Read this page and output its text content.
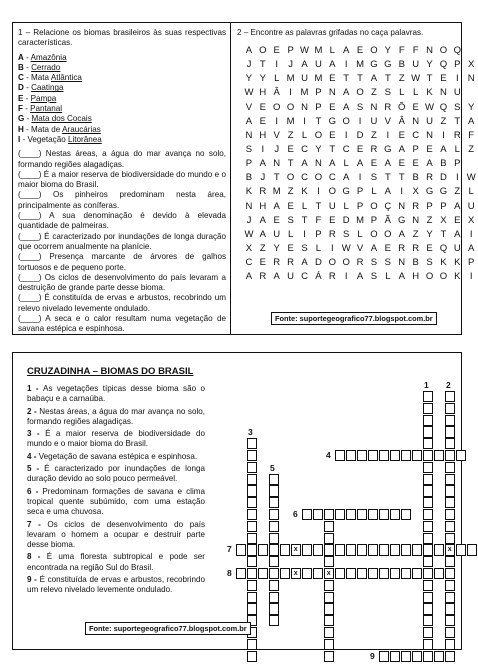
1 – Relacione os biomas brasileiros às suas respectivas características.

A - Amazônia

B - Cerrado

C - Mata Atlântica

D - Caatinga

E - Pampa

F - Pantanal

G - Mata dos Cocais

H - Mata de Araucárias

I - Vegetação Litorânea

(____) Nestas áreas, a água do mar avança no solo, formando regiões alagadiças.

(____) É a maior reserva de biodiversidade do mundo e o maior bioma do Brasil.

(____) Os pinheiros predominam nesta área, principalmente as coníferas.

(____) A sua denominação é devido à elevada quantidade de palmeiras.

(____) É caracterizado por inundações de longa duração que ocorrem anualmente na planície.

(____) Presença marcante de árvores de galhos tortuosos e de pequeno porte.

(____) Os ciclos de desenvolvimento do país levaram a destruição de grande parte desse bioma.

(____) É constituída de ervas e arbustos, recobrindo um relevo nivelado levemente ondulado.

(____) A seca e o calor resultam numa vegetação de savana estépica e espinhosa.

2 – Encontre as palavras grifadas no caça palavras.

A O E P W M L A E O Y F F N O Q
J T	I	J A U A I M G G B U Y Q P X
Y Y L M U M E T T A T Z W T E I N
W H Â I M P N A O Z S L L K N U
V E O O N P E A S N R Õ E W Q S Y
A E I M I	T G O I U V Â N U Z T A
N H V Z L O E I D Z	I E C N I R F
S I	J E C Y T C E R G A P E A L Z
P A N T A N A L A E A E E A B P
B J T O C O C A I S T T B R D I W
K R M Z K I O G P L A I X G G Z L
N H A E L T U L P O Ç N R P P A U
J A E S T F E D M P Ã G N Z X E X
W A U L	I P R S L O O A Z Y T A I
X Z Y E S L	I W V A E R R E Q U A
C E R R A D O O R S S N B S K K P
A R A U C Á R I A S L A H O O K I
Fonte: suportegeografico77.blogspot.com.br
CRUZADINHA – BIOMAS DO BRASIL

1 - As vegetações típicas desse bioma são o babaçu e a carnaúba.

2 - Nestas áreas, a água do mar avança no solo, formando regiões alagadiças.

3 - É a maior reserva de biodiversidade do mundo e o maior bioma do Brasil.

4 - Vegetação de savana estépica e espinhosa.

5 - É caracterizado por inundações de longa duração devido ao solo pouco permeável.

6 - Predominam formações de savana e clima tropical quente subúmido, com uma estação seca e uma chuvosa.

7 - Os ciclos de desenvolvimento do país levaram o homem a ocupar e destruir parte desse bioma.

8 - É uma floresta subtropical e pode ser encontrada na região Sul do Brasil.

9 - É constituída de ervas e arbustos, recobrindo um relevo nivelado levemente ondulado.

x
x
x
x
1 2
3
4
5
6
7
8
9
Fonte: suportegeografico77.blogspot.com.br
